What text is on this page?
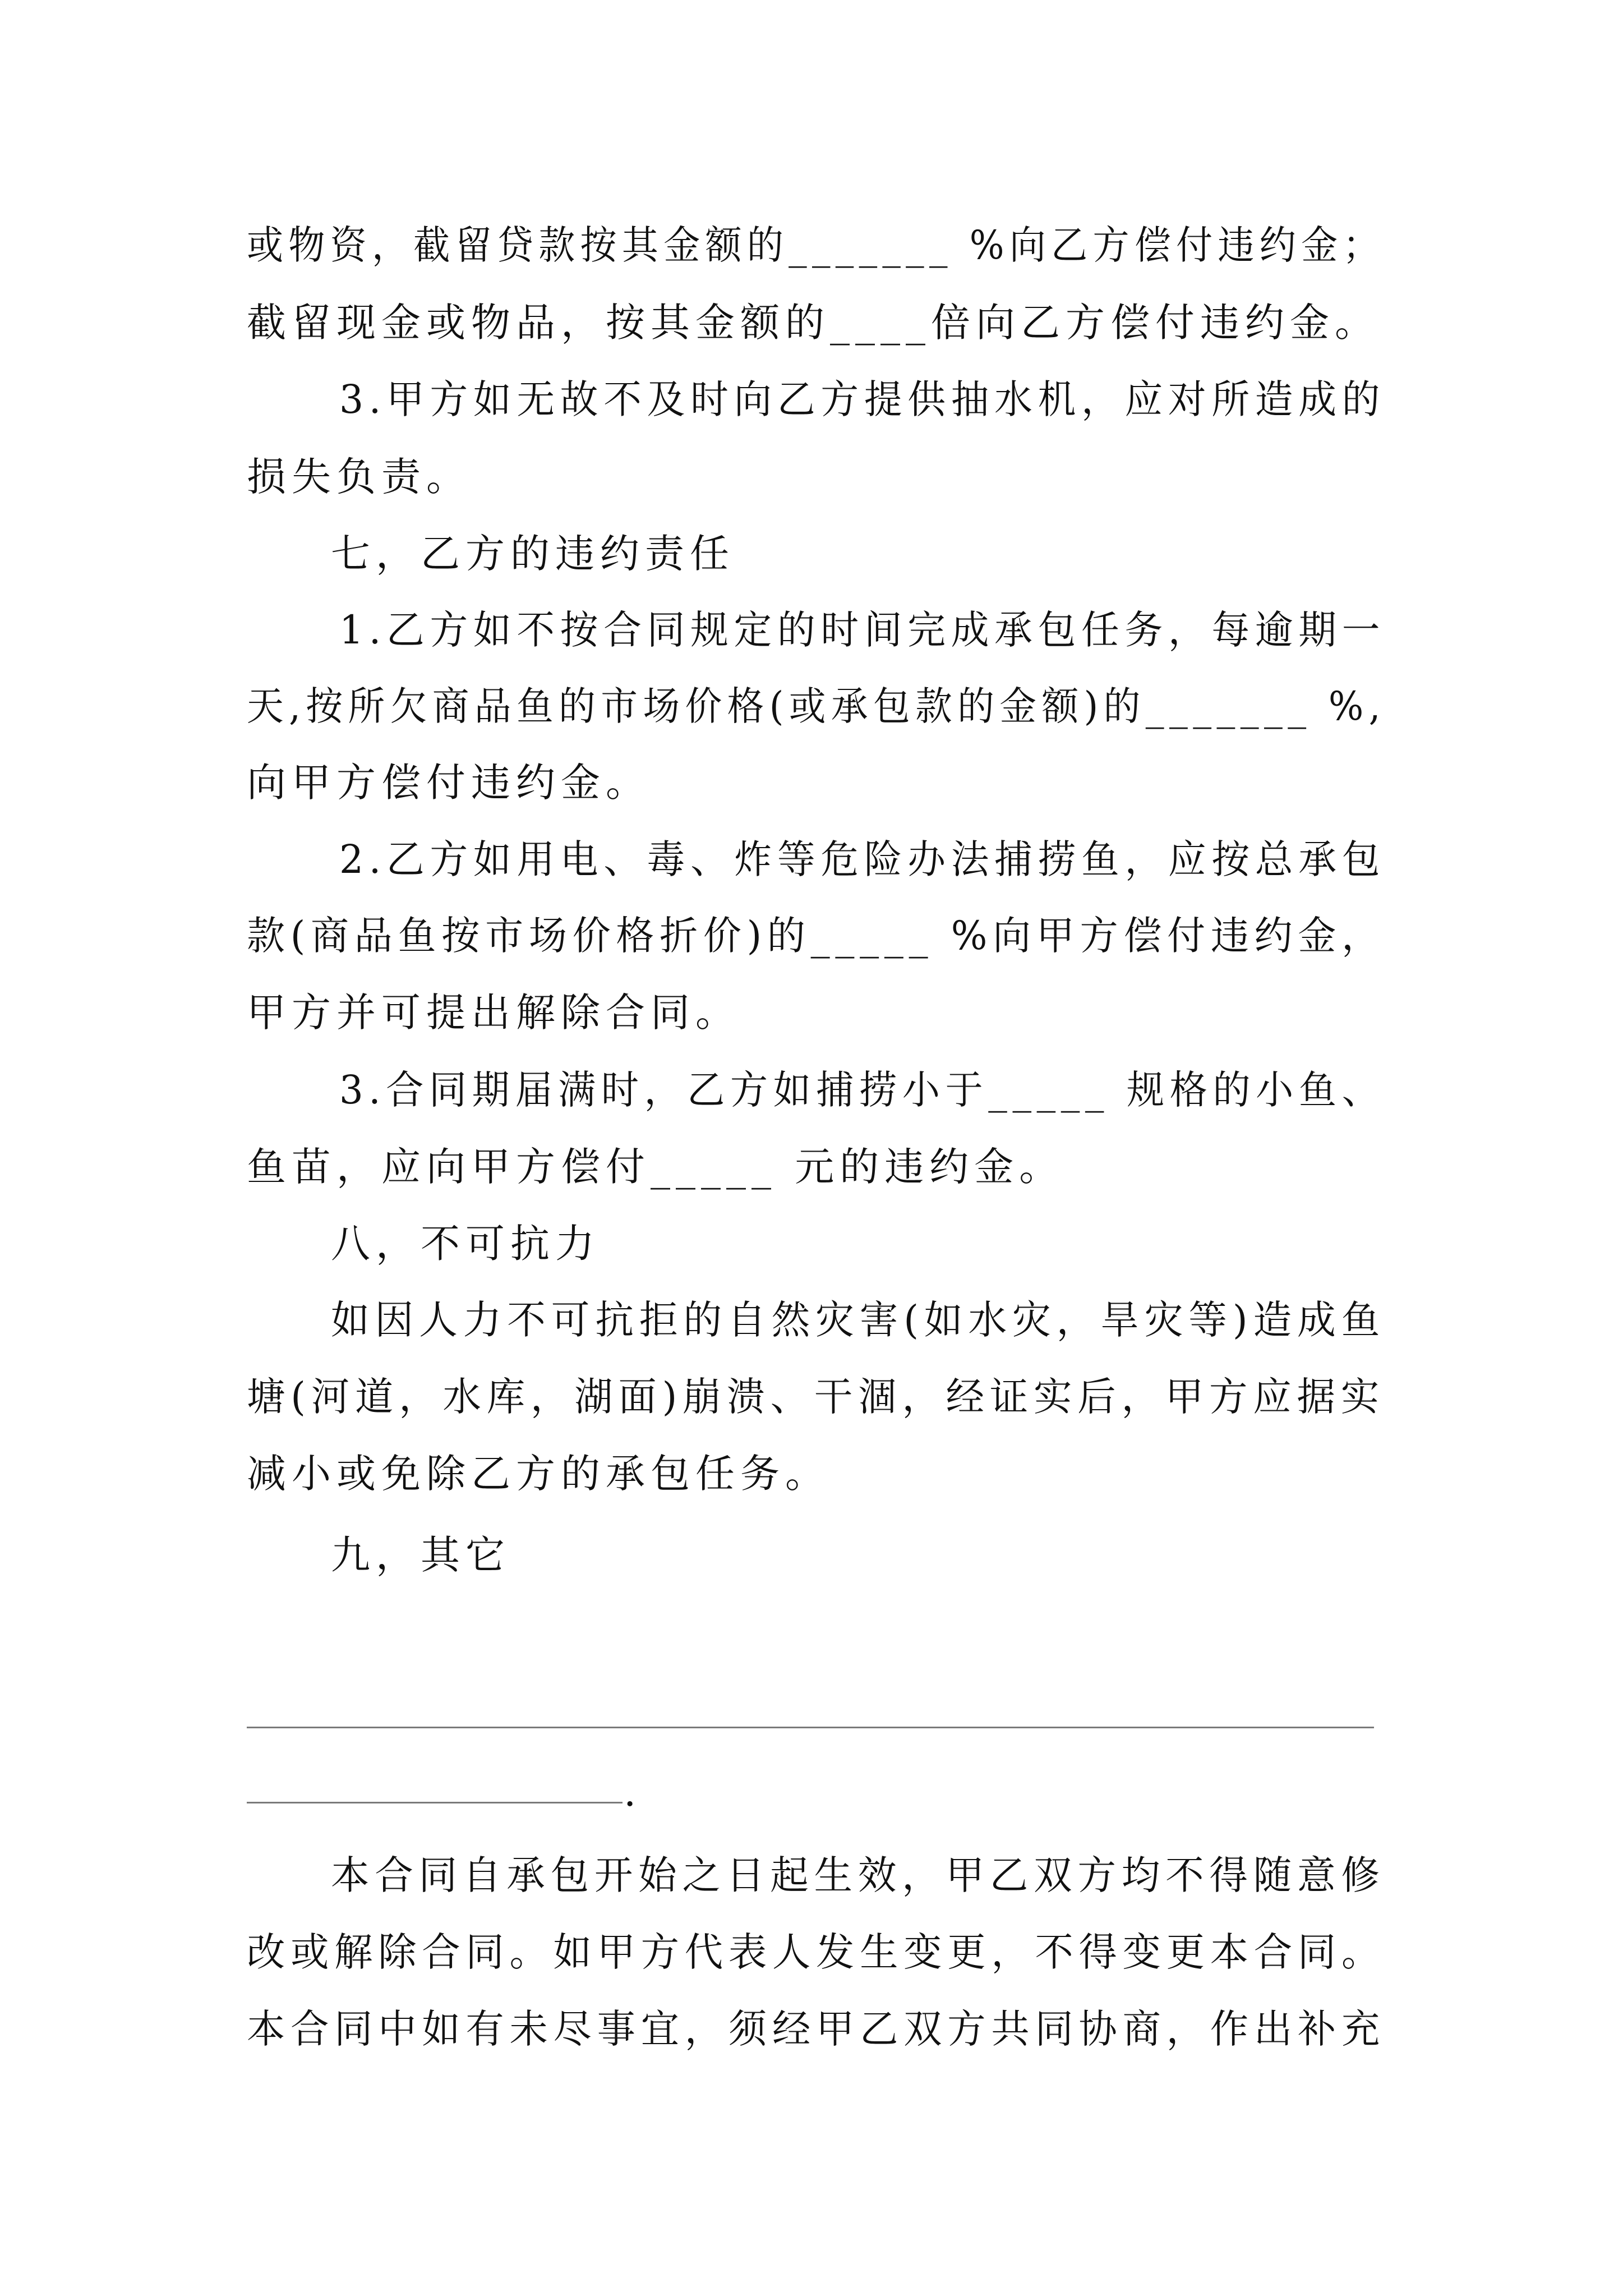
或物资，截留贷款按其金额的_______ %向乙方偿付违约金；
截留现金或物品，按其金额的____倍向乙方偿付违约金。
3.甲方如无故不及时向乙方提供抽水机，应对所造成的
损失负责。
七，乙方的违约责任
1.乙方如不按合同规定的时间完成承包任务，每逾期一
天,按所欠商品鱼的市场价格(或承包款的金额)的_______ %,
向甲方偿付违约金。
2.乙方如用电、毒、炸等危险办法捕捞鱼，应按总承包
款(商品鱼按市场价格折价)的_____ %向甲方偿付违约金，
甲方并可提出解除合同。
3.合同期届满时，乙方如捕捞小于_____ 规格的小鱼、
鱼苗，应向甲方偿付_____ 元的违约金。
八，不可抗力
如因人力不可抗拒的自然灾害(如水灾，旱灾等)造成鱼
塘(河道，水库，湖面)崩溃、干涸，经证实后，甲方应据实
减小或免除乙方的承包任务。
九，其它
.
本合同自承包开始之日起生效，甲乙双方均不得随意修
改或解除合同。如甲方代表人发生变更，不得变更本合同。
本合同中如有未尽事宜，须经甲乙双方共同协商，作出补充
